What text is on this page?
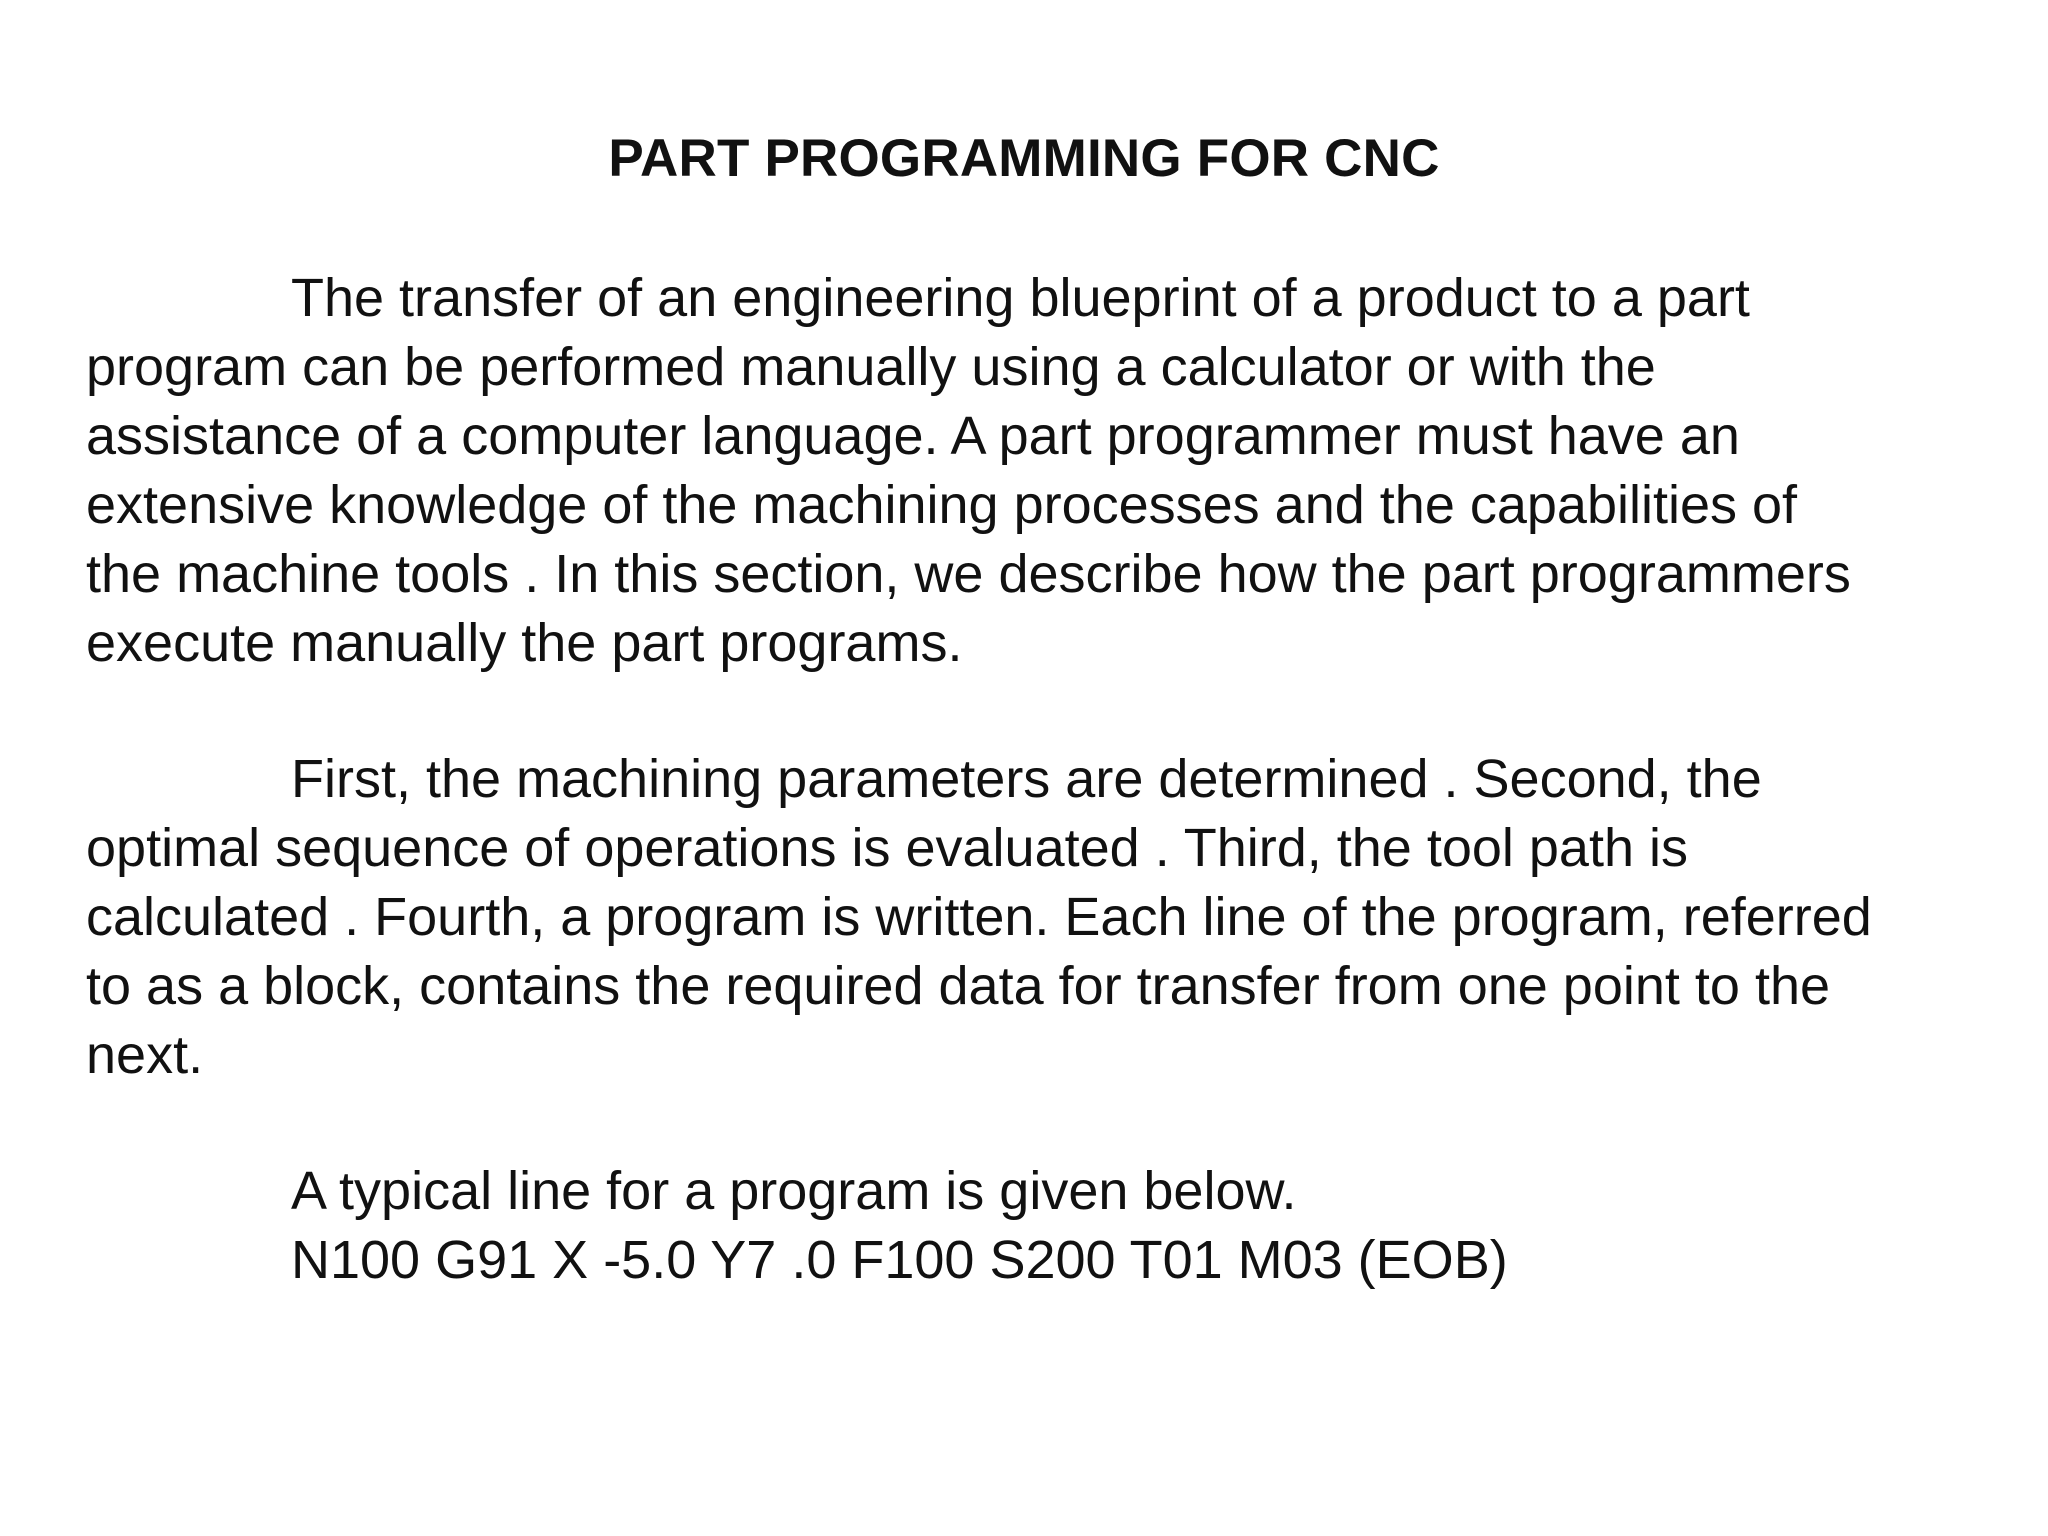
PART PROGRAMMING FOR CNC
The transfer of an engineering blueprint of a product to a part
program can be performed manually using a calculator or with the
assistance of a computer language. A part programmer must have an
extensive knowledge of the machining processes and the capabilities of
the machine tools . In this section, we describe how the part programmers
execute manually the part programs.
First, the machining parameters are determined . Second, the
optimal sequence of operations is evaluated . Third, the tool path is
calculated . Fourth, a program is written. Each line of the program, referred
to as a block, contains the required data for transfer from one point to the
next.
A typical line for a program is given below.
N100 G91 X -5.0 Y7 .0 F100 S200 T01 M03 (EOB)
